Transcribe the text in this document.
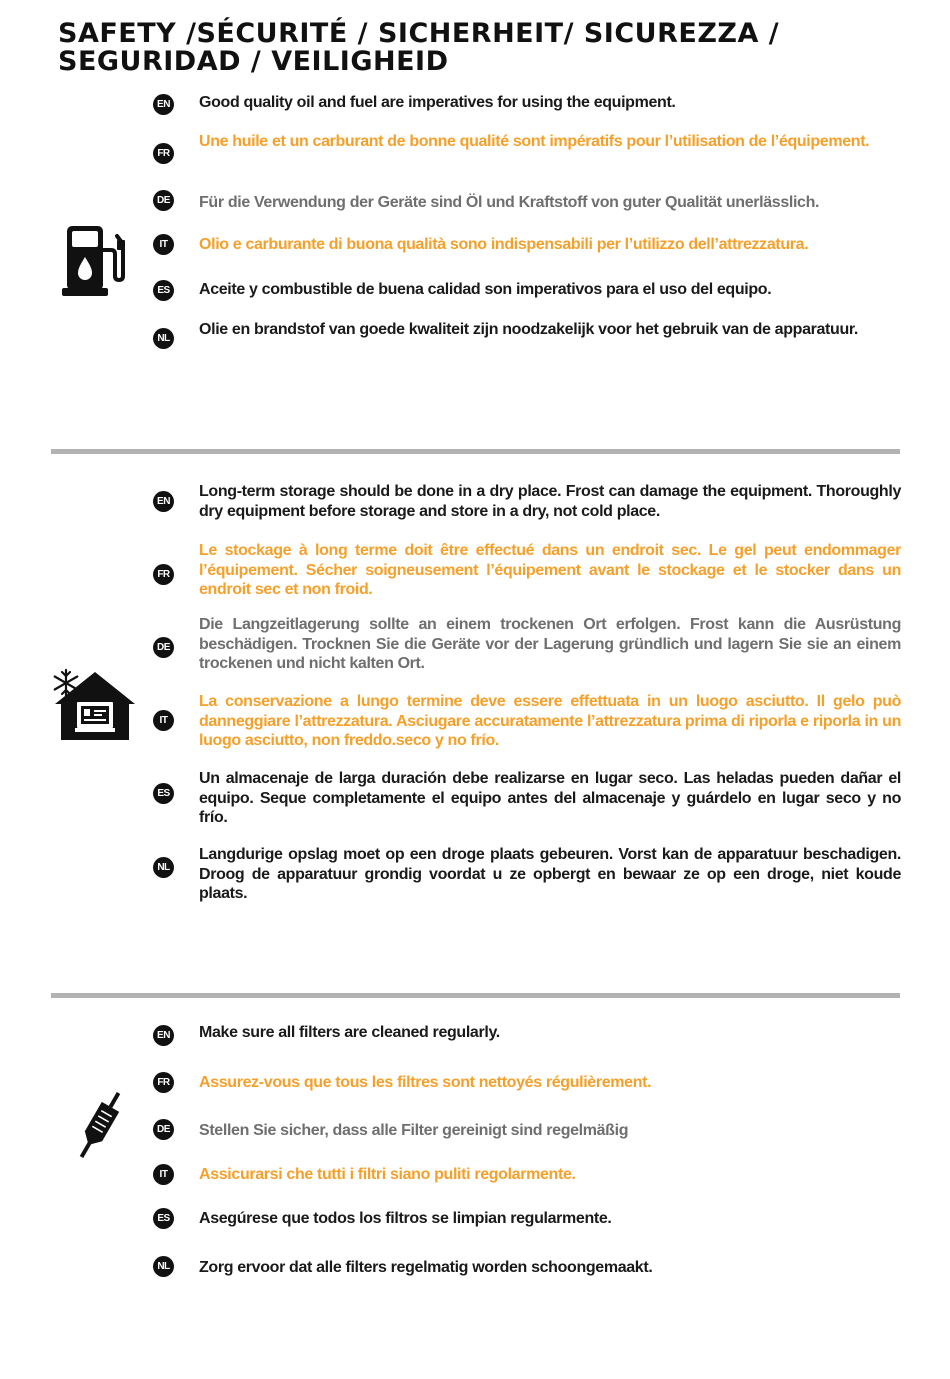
SAFETY /SÉCURITÉ / SICHERHEIT/ SICUREZZA / SEGURIDAD / VEILIGHEID
EN Good quality oil and fuel are imperatives for using the equipment.
FR
Une huile et un carburant de bonne qualité sont impératifs pour l’utilisation de l’équipement.
DE Für die Verwendung der Geräte sind Öl und Kraftstoff von guter Qualität unerlässlich.
IT	Olio e carburante di buona qualità sono indispensabili per l’utilizzo dell’attrezzatura.
ES Aceite y combustible de buena calidad son imperativos para el uso del equipo.
NL
Olie en brandstof van goede kwaliteit zijn noodzakelijk voor het gebruik van de apparatuur.
EN
Long-term storage should be done in a dry place. Frost can damage the equipment. Thoroughly dry equipment before storage and store in a dry, not cold place.
FR
Le stockage à long terme doit être effectué dans un endroit sec. Le gel peut endommager l’équipement. Sécher soigneusement l’équipement avant le stockage et le stocker dans un endroit sec et non froid.
DE
Die Langzeitlagerung sollte an einem trockenen Ort erfolgen. Frost kann die Ausrüstung beschädigen. Trocknen Sie die Geräte vor der Lagerung gründlich und lagern Sie sie an einem trockenen und nicht kalten Ort.
IT
La conservazione a lungo termine deve essere effettuata in un luogo asciutto. Il gelo può danneggiare l’attrezzatura. Asciugare accuratamente l’attrezzatura prima di riporla e riporla in un luogo asciutto, non freddo.seco y no frío.
ES
Un almacenaje de larga duración debe realizarse en lugar seco. Las heladas pueden dañar el equipo. Seque completamente el equipo antes del almacenaje y guárdelo en lugar seco y no frío.
NL
Langdurige opslag moet op een droge plaats gebeuren. Vorst kan de apparatuur beschadigen. Droog de apparatuur grondig voordat u ze opbergt en bewaar ze op een droge, niet koude plaats.
EN Make sure all filters are cleaned regularly.
FR Assurez-vous que tous les filtres sont nettoyés régulièrement.
DE Stellen Sie sicher, dass alle Filter gereinigt sind regelmäßig
IT	Assicurarsi che tutti i filtri siano puliti regolarmente.
ES Asegúrese que todos los filtros se limpian regularmente.
NL Zorg ervoor dat alle filters regelmatig worden schoongemaakt.
